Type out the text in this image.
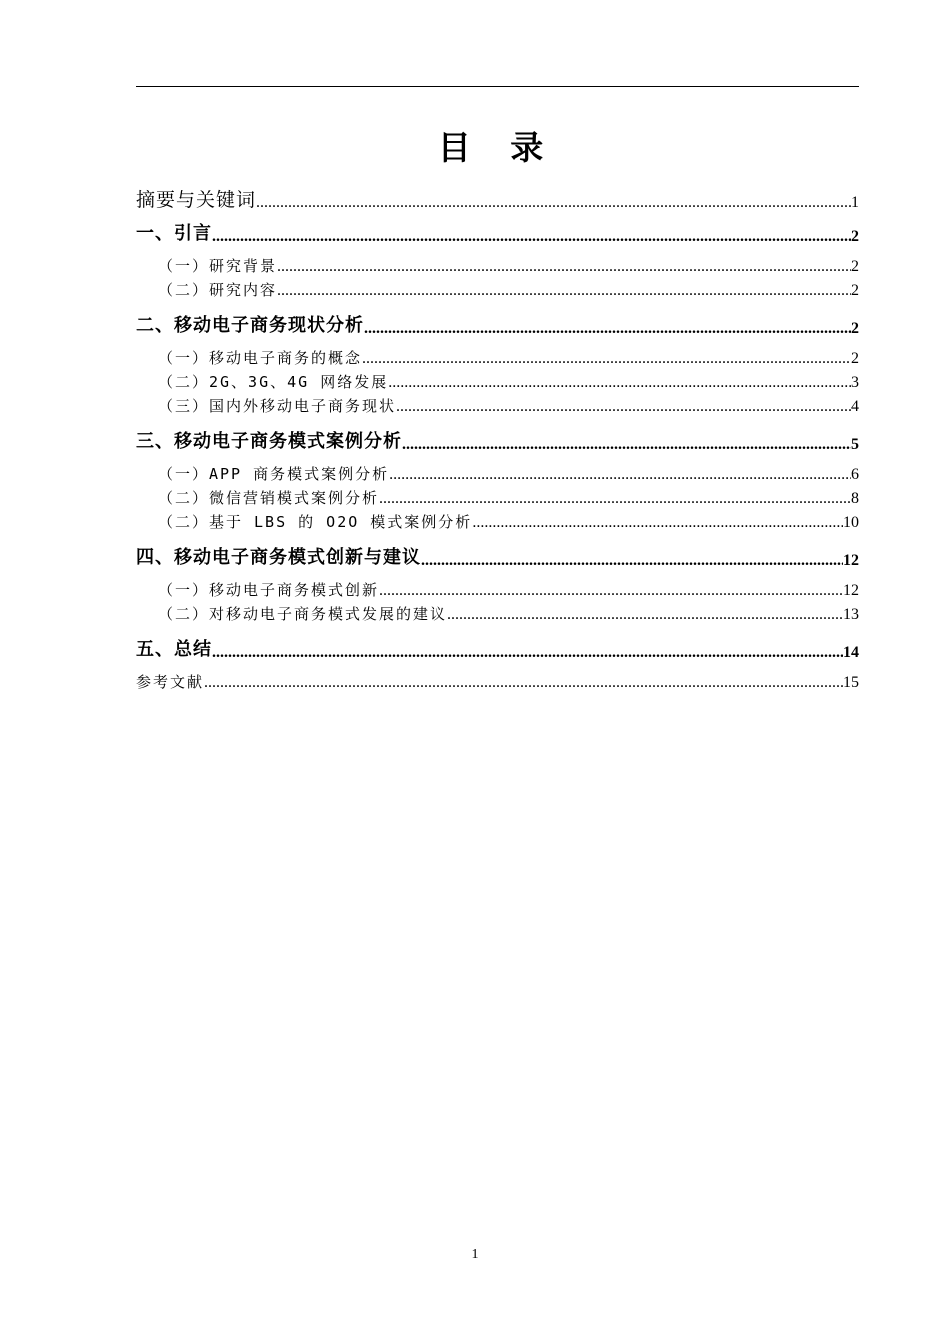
目 录
摘要与关键词 .....	1
一、引言 .....	2
（一）研究背景 .....	2
（二）研究内容 .....	2
二、移动电子商务现状分析 .....	2
（一）移动电子商务的概念 .....	2
（二）2G、3G、4G 网络发展 .....	3
（三）国内外移动电子商务现状 .....	4
三、移动电子商务模式案例分析 .....	5
（一）APP 商务模式案例分析 .....	6
（二）微信营销模式案例分析 .....	8
（二）基于 LBS 的 O2O 模式案例分析 .....	10
四、移动电子商务模式创新与建议 .....	12
（一）移动电子商务模式创新 .....	12
（二）对移动电子商务模式发展的建议 .....	13
五、总结 .....	14
参考文献 .....	15
1
